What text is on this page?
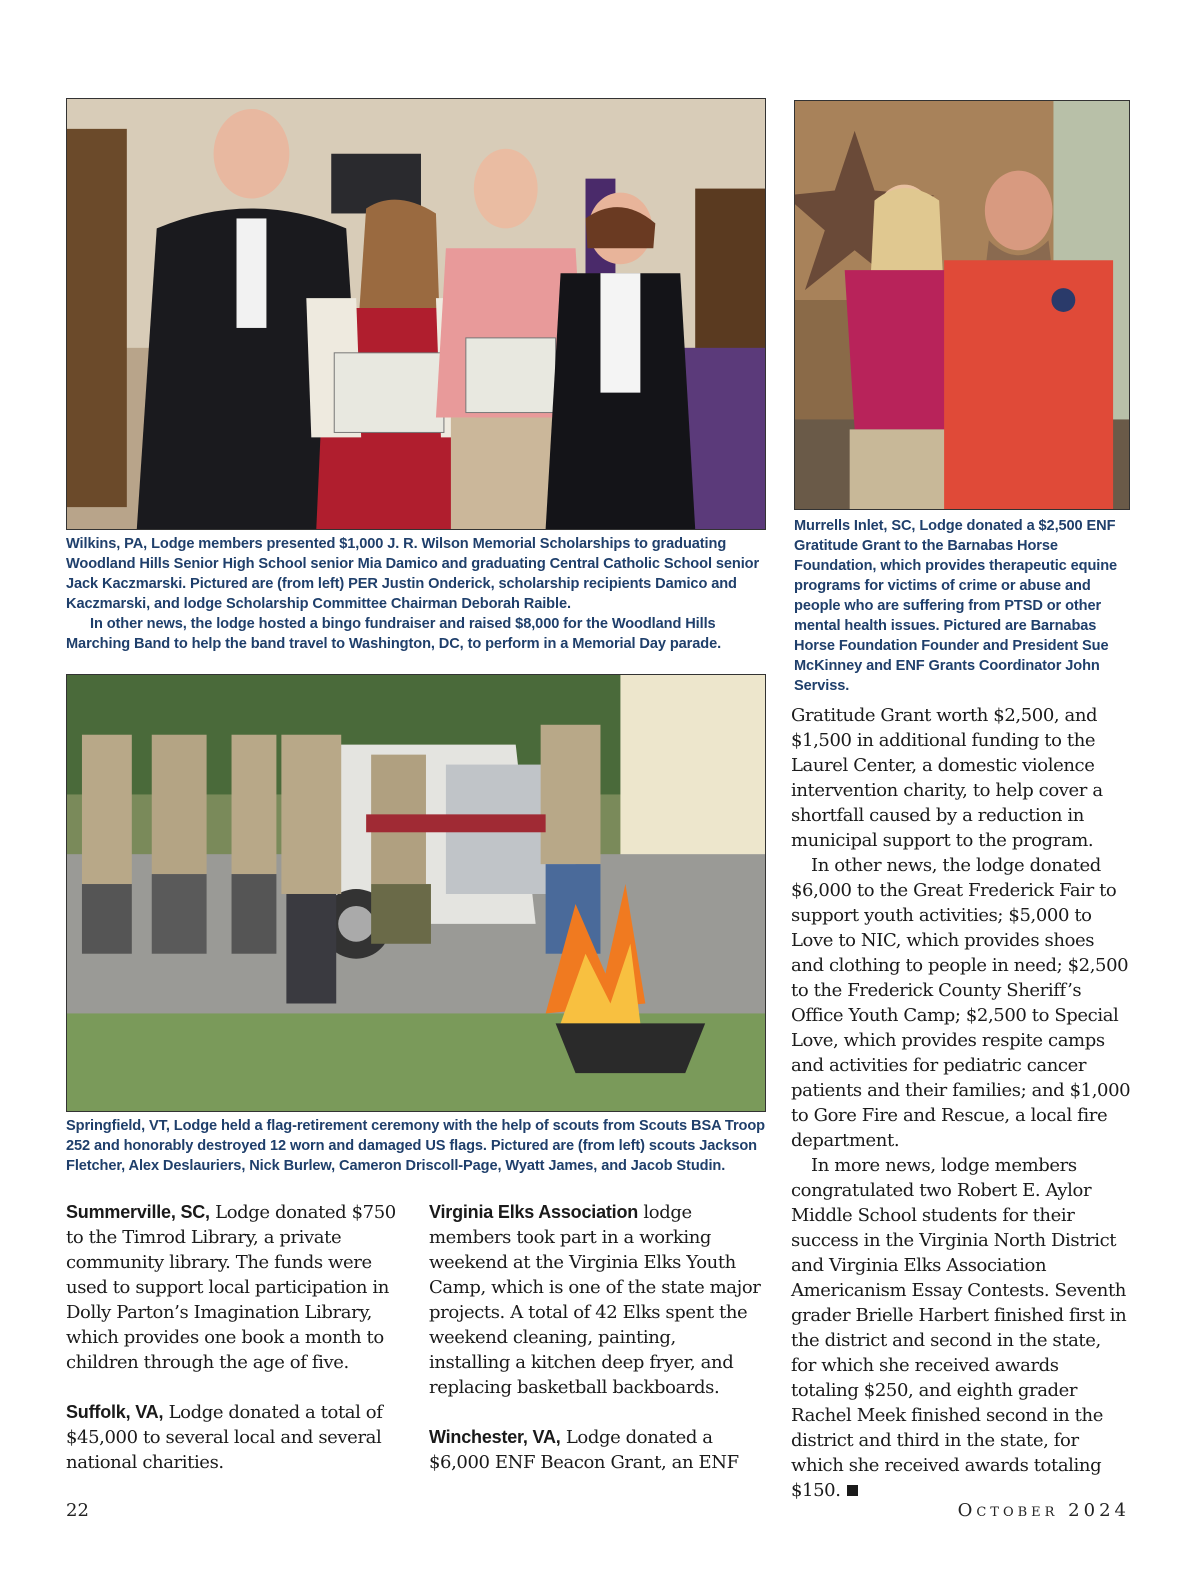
Wilkins, PA, Lodge members presented $1,000 J. R. Wilson Memorial Scholarships to graduating Woodland Hills Senior High School senior Mia Damico and graduating Central Catholic School senior Jack Kaczmarski. Pictured are (from left) PER Justin Onderick, scholarship recipients Damico and Kaczmarski, and lodge Scholarship Committee Chairman Deborah Raible.

In other news, the lodge hosted a bingo fundraiser and raised $8,000 for the Woodland Hills Marching Band to help the band travel to Washington, DC, to perform in a Memorial Day parade.

Murrells Inlet, SC, Lodge donated a $2,500 ENF Gratitude Grant to the Barnabas Horse Foundation, which provides therapeutic equine programs for victims of crime or abuse and people who are suffering from PTSD or other mental health issues. Pictured are Barnabas Horse Foundation Founder and President Sue McKinney and ENF Grants Coordinator John Serviss.

Springfield, VT, Lodge held a flag-retirement ceremony with the help of scouts from Scouts BSA Troop 252 and honorably destroyed 12 worn and damaged US flags. Pictured are (from left) scouts Jackson Fletcher, Alex Deslauriers, Nick Burlew, Cameron Driscoll-Page, Wyatt James, and Jacob Studin.

Summerville, SC, Lodge donated $750 to the Timrod Library, a private community library. The funds were used to support local participation in Dolly Parton’s Imagination Library, which provides one book a month to children through the age of five.

Suffolk, VA, Lodge donated a total of $45,000 to several local and several national charities.

Virginia Elks Association lodge members took part in a working weekend at the Virginia Elks Youth Camp, which is one of the state major projects. A total of 42 Elks spent the weekend cleaning, painting, installing a kitchen deep fryer, and replacing basketball backboards.

Winchester, VA, Lodge donated a $6,000 ENF Beacon Grant, an ENF

Gratitude Grant worth $2,500, and $1,500 in additional funding to the Laurel Center, a domestic violence intervention charity, to help cover a shortfall caused by a reduction in municipal support to the program.

In other news, the lodge donated $6,000 to the Great Frederick Fair to support youth activities; $5,000 to Love to NIC, which provides shoes and clothing to people in need; $2,500 to the Frederick County Sheriff’s Office Youth Camp; $2,500 to Special Love, which provides respite camps and activities for pediatric cancer patients and their families; and $1,000 to Gore Fire and Rescue, a local fire department.

In more news, lodge members congratulated two Robert E. Aylor Middle School students for their success in the Virginia North District and Virginia Elks Association Americanism Essay Contests. Seventh grader Brielle Harbert finished first in the district and second in the state, for which she received awards totaling $250, and eighth grader Rachel Meek finished second in the district and third in the state, for which she received awards totaling $150.

22	October 2024
